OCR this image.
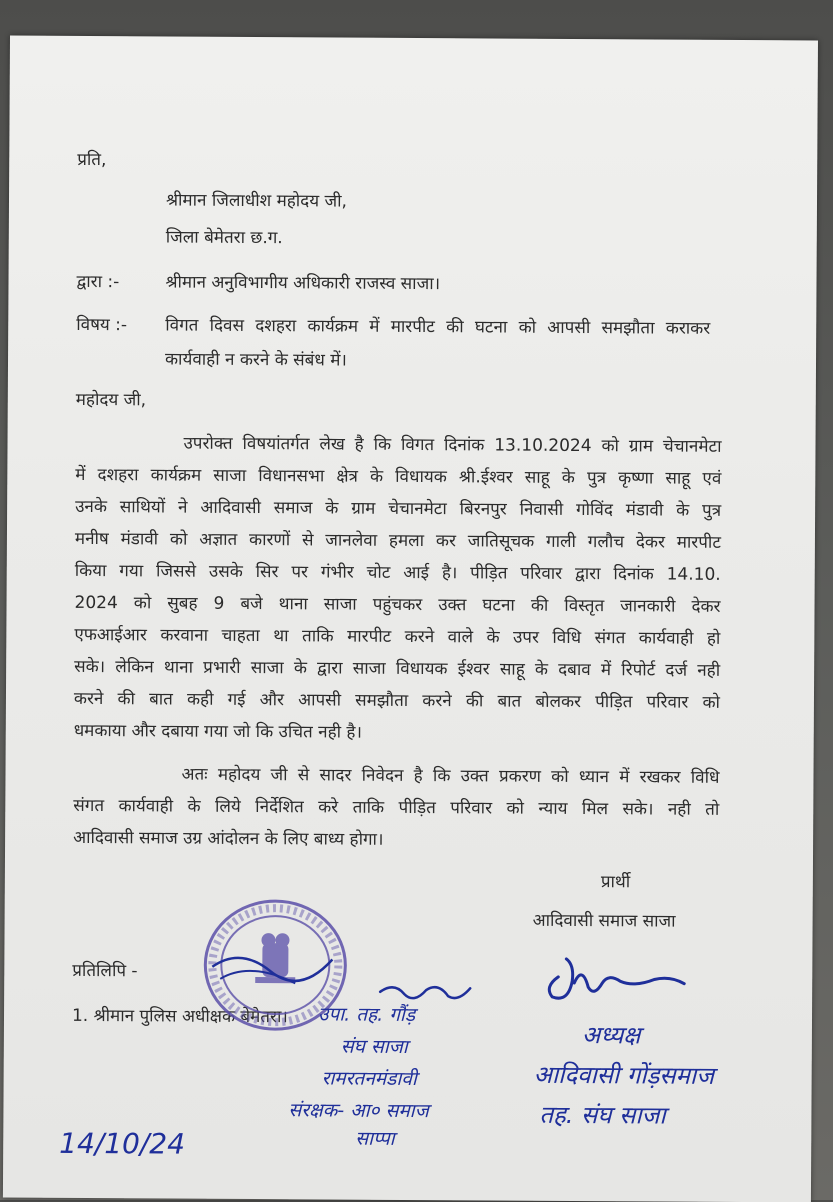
प्रति,
श्रीमान जिलाधीश महोदय जी,
जिला बेमेतरा छ.ग.
द्वारा :-	श्रीमान अनुविभागीय अधिकारी राजस्व साजा।
विषय :- विगत दिवस दशहरा कार्यक्रम में मारपीट की घटना को आपसी समझौता कराकर
कार्यवाही न करने के संबंध में।
महोदय जी,
उपरोक्त विषयांतर्गत लेख है कि विगत दिनांक 13.10.2024 को ग्राम चेचानमेटा
में दशहरा कार्यक्रम साजा विधानसभा क्षेत्र के विधायक श्री.ईश्वर साहू के पुत्र कृष्णा साहू एवं
उनके साथियों ने आदिवासी समाज के ग्राम चेचानमेटा बिरनपुर निवासी गोविंद मंडावी के पुत्र
मनीष मंडावी को अज्ञात कारणों से जानलेवा हमला कर जातिसूचक गाली गलौच देकर मारपीट
किया गया जिससे उसके सिर पर गंभीर चोट आई है। पीड़ित परिवार द्वारा दिनांक 14.10.
2024 को सुबह 9 बजे थाना साजा पहुंचकर उक्त घटना की विस्तृत जानकारी देकर
एफआईआर करवाना चाहता था ताकि मारपीट करने वाले के उपर विधि संगत कार्यवाही हो
सके। लेकिन थाना प्रभारी साजा के द्वारा साजा विधायक ईश्वर साहू के दबाव में रिपोर्ट दर्ज नही
करने की बात कही गई और आपसी समझौता करने की बात बोलकर पीड़ित परिवार को
धमकाया और दबाया गया जो कि उचित नही है।
अतः महोदय जी से सादर निवेदन है कि उक्त प्रकरण को ध्यान में रखकर विधि
संगत कार्यवाही के लिये निर्देशित करे ताकि पीड़ित परिवार को न्याय मिल सके। नही तो
आदिवासी समाज उग्र आंदोलन के लिए बाध्य होगा।
प्रार्थी
आदिवासी समाज साजा
प्रतिलिपि -
1. श्रीमान पुलिस अधीक्षक बेमेतरा। उपा. तह. गौंड़
संघ साजा
रामरतनमंडावी
संरक्षक- आ० समाज
साप्पा
अध्यक्ष
आदिवासी गोंड़समाज
तह. संघ साजा
14/10/24
